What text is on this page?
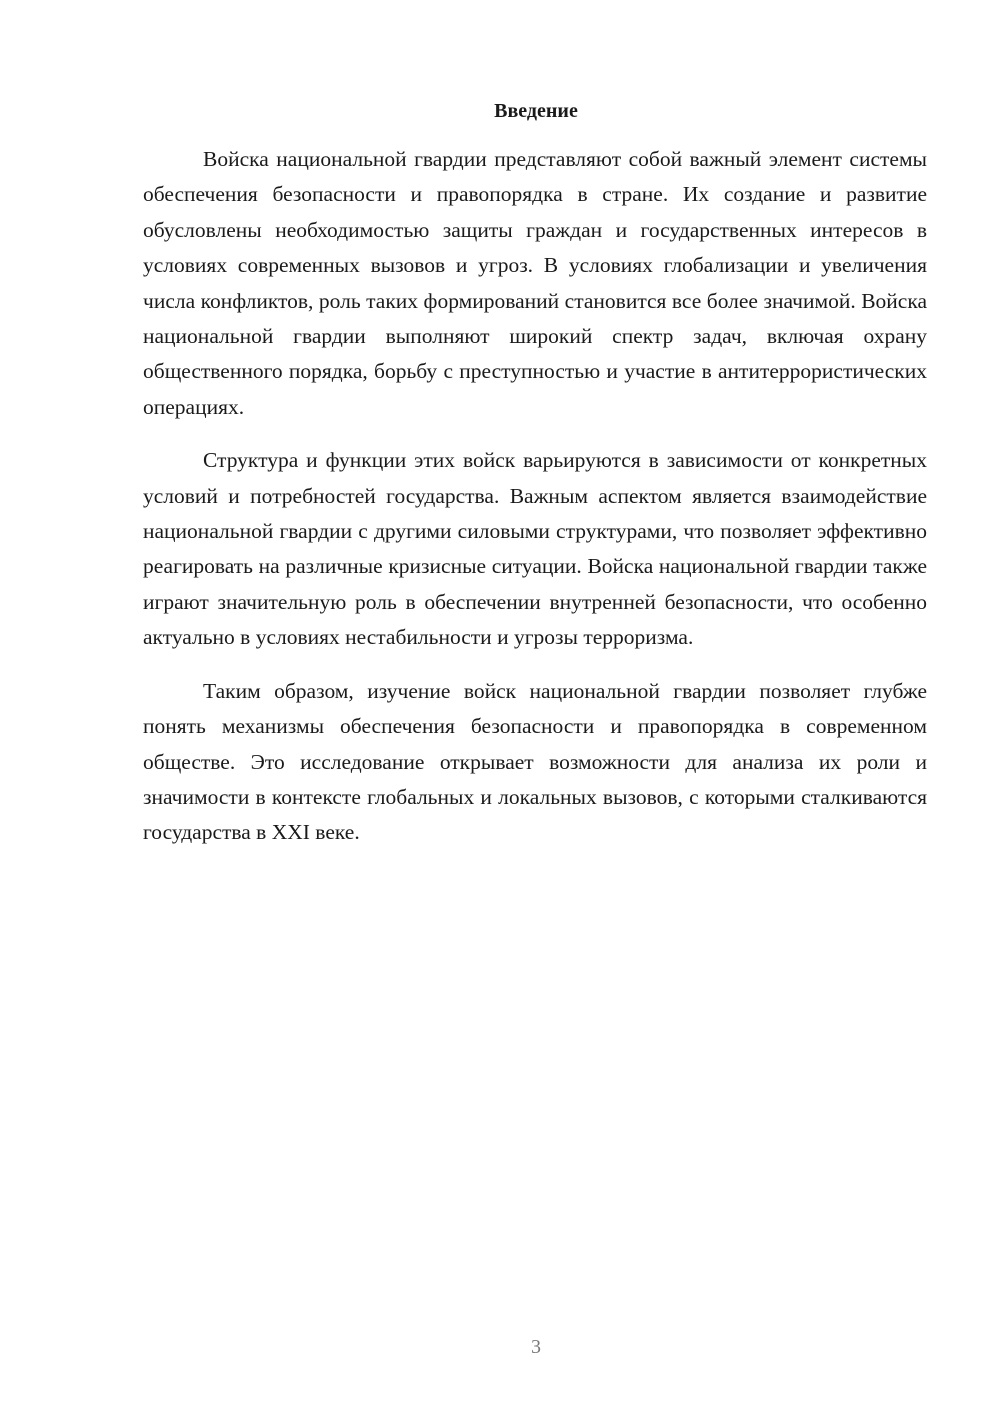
Введение

Войска национальной гвардии представляют собой важный элемент системы обеспечения безопасности и правопорядка в стране. Их создание и развитие обусловлены необходимостью защиты граждан и государственных интересов в условиях современных вызовов и угроз. В условиях глобализации и увеличения числа конфликтов, роль таких формирований становится все более значимой. Войска национальной гвардии выполняют широкий спектр задач, включая охрану общественного порядка, борьбу с преступностью и участие в антитеррористических операциях.

Структура и функции этих войск варьируются в зависимости от конкретных условий и потребностей государства. Важным аспектом является взаимодействие национальной гвардии с другими силовыми структурами, что позволяет эффективно реагировать на различные кризисные ситуации. Войска национальной гвардии также играют значительную роль в обеспечении внутренней безопасности, что особенно актуально в условиях нестабильности и угрозы терроризма.

Таким образом, изучение войск национальной гвардии позволяет глубже понять механизмы обеспечения безопасности и правопорядка в современном обществе. Это исследование открывает возможности для анализа их роли и значимости в контексте глобальных и локальных вызовов, с которыми сталкиваются государства в XXI веке.

3
